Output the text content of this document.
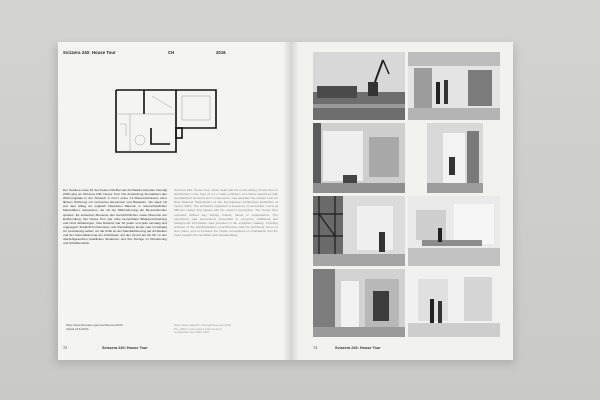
Svizzera 240: House Tour	CH	2016
Der Goldene Löwe für den besten Pavillon der Architektur-biennale Venedig 2016 ging an Svizzera 240: House Tour. Die Ausstellung thematisiert den Wohnungsbau in der Schweiz in Form eines 1:1-Raumerlebnisses einer fiktiven Wohnung mit normierten Elementen und Bauteilen. Sie spielt mit aus dem Alltag nur sogleich bekannten Räumen in unterschiedlichen Massstäben; ausserdem, die mit der Wahrnehmung der Be-trachtenden spielten. Es entstehen Momente des Geschichtlichen sowie Momente der Entfremdung. Die House Tour war ohne bemerkbare Bilderbeschreibung und ohne Erklärungen. Das Erlebnis war für jeden und jede einmalig und ungeregelt. Zusätzlich informieren und thematisierte kostet man im Katalog zur Ausstellung selber; wo die Kritik an der Standardisierung der Architektur und der Automatisierung der Architekten auf den Grund als bis hin zu den überfehlgesetzten Ausblicken Strukturen und ihre Zuzüge zu Orientierung und Schaffenskraft.
Svizzera 240: House Tour, which dealt with the most striking construction in Switzerland in the form of a 1:1 scale exhibition of a fictive apartment with standardised elements and components, was awarded the Golden Lion for Best National Participation at the International Architecture Exhibition of Venice 2016. The architects organised a sequence of accessible rooms at different scales that played with the viewer's perception. The House Tour operated without any display boards, labels or explanations. The experience was tremendous accessible to everyone. Additional and background information was provided in the exhibition catalog, including criticism of the standardisation of architecture and the architects' focus on floor plans, and to increase the innate conceptions of inhabitation and the trend towards the banalities and standardising.
https://www.biennale.org/en/architecture/2016
(Stand 24.8.2020)
https://www.swissinfo.ch/eng/house-tour-2016
Pro, 2016; Lorem ipsum dolor sit amet;
construction tour 2016, 2017.
72	Svizzera 240: House Tour	73	Svizzera 240: House Tour
